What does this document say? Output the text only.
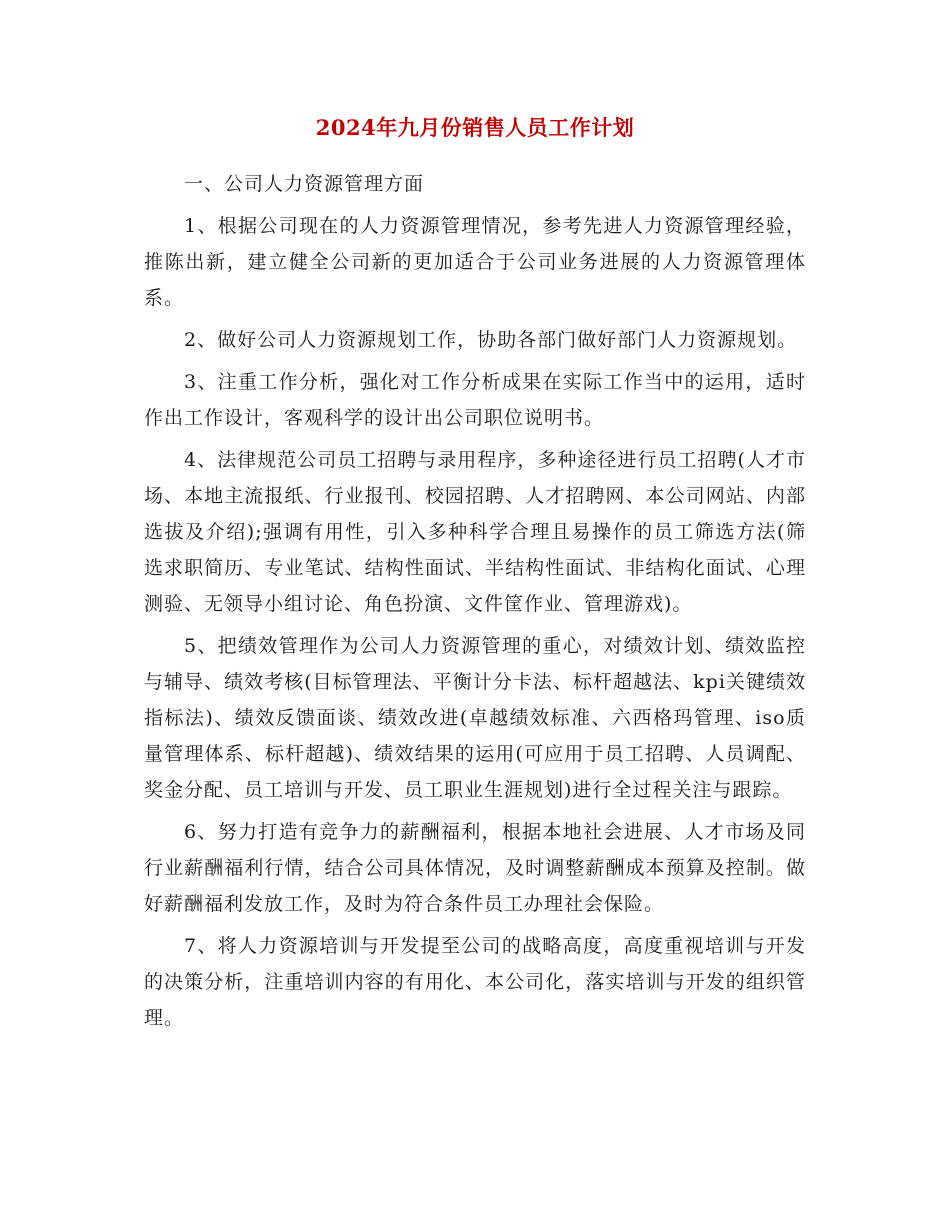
2024年九月份销售人员工作计划

一、公司人力资源管理方面

1、根据公司现在的人力资源管理情况，参考先进人力资源管理经验，推陈出新，建立健全公司新的更加适合于公司业务进展的人力资源管理体系。

2、做好公司人力资源规划工作，协助各部门做好部门人力资源规划。

3、注重工作分析，强化对工作分析成果在实际工作当中的运用，适时作出工作设计，客观科学的设计出公司职位说明书。

4、法律规范公司员工招聘与录用程序，多种途径进行员工招聘(人才市场、本地主流报纸、行业报刊、校园招聘、人才招聘网、本公司网站、内部选拔及介绍);强调有用性，引入多种科学合理且易操作的员工筛选方法(筛选求职简历、专业笔试、结构性面试、半结构性面试、非结构化面试、心理测验、无领导小组讨论、角色扮演、文件筐作业、管理游戏)。

5、把绩效管理作为公司人力资源管理的重心，对绩效计划、绩效监控与辅导、绩效考核(目标管理法、平衡计分卡法、标杆超越法、kpi关键绩效指标法)、绩效反馈面谈、绩效改进(卓越绩效标准、六西格玛管理、iso质量管理体系、标杆超越)、绩效结果的运用(可应用于员工招聘、人员调配、奖金分配、员工培训与开发、员工职业生涯规划)进行全过程关注与跟踪。

6、努力打造有竞争力的薪酬福利，根据本地社会进展、人才市场及同行业薪酬福利行情，结合公司具体情况，及时调整薪酬成本预算及控制。做好薪酬福利发放工作，及时为符合条件员工办理社会保险。

7、将人力资源培训与开发提至公司的战略高度，高度重视培训与开发的决策分析，注重培训内容的有用化、本公司化，落实培训与开发的组织管理。
